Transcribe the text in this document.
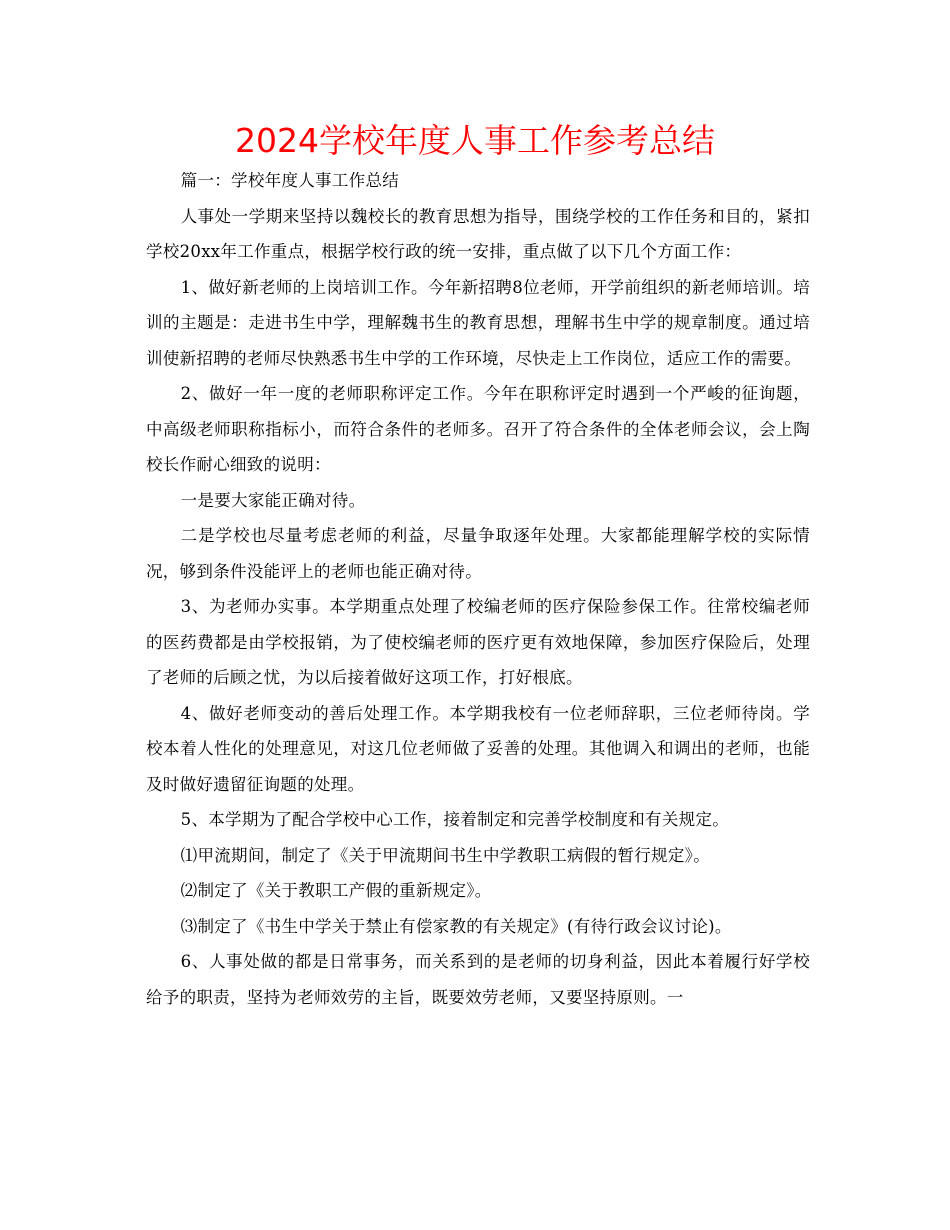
2024学校年度人事工作参考总结

篇一：学校年度人事工作总结

人事处一学期来坚持以魏校长的教育思想为指导，围绕学校的工作任务和目的，紧扣学校20xx年工作重点，根据学校行政的统一安排，重点做了以下几个方面工作：

1、做好新老师的上岗培训工作。今年新招聘8位老师，开学前组织的新老师培训。培训的主题是：走进书生中学，理解魏书生的教育思想，理解书生中学的规章制度。通过培训使新招聘的老师尽快熟悉书生中学的工作环境，尽快走上工作岗位，适应工作的需要。

2、做好一年一度的老师职称评定工作。今年在职称评定时遇到一个严峻的征询题，中高级老师职称指标小，而符合条件的老师多。召开了符合条件的全体老师会议，会上陶校长作耐心细致的说明：

一是要大家能正确对待。

二是学校也尽量考虑老师的利益，尽量争取逐年处理。大家都能理解学校的实际情况，够到条件没能评上的老师也能正确对待。

3、为老师办实事。本学期重点处理了校编老师的医疗保险参保工作。往常校编老师的医药费都是由学校报销，为了使校编老师的医疗更有效地保障，参加医疗保险后，处理了老师的后顾之忧，为以后接着做好这项工作，打好根底。

4、做好老师变动的善后处理工作。本学期我校有一位老师辞职，三位老师待岗。学校本着人性化的处理意见，对这几位老师做了妥善的处理。其他调入和调出的老师，也能及时做好遗留征询题的处理。

5、本学期为了配合学校中心工作，接着制定和完善学校制度和有关规定。

⑴甲流期间，制定了《关于甲流期间书生中学教职工病假的暂行规定》。

⑵制定了《关于教职工产假的重新规定》。

⑶制定了《书生中学关于禁止有偿家教的有关规定》(有待行政会议讨论)。

6、人事处做的都是日常事务，而关系到的是老师的切身利益，因此本着履行好学校给予的职责，坚持为老师效劳的主旨，既要效劳老师，又要坚持原则。一
